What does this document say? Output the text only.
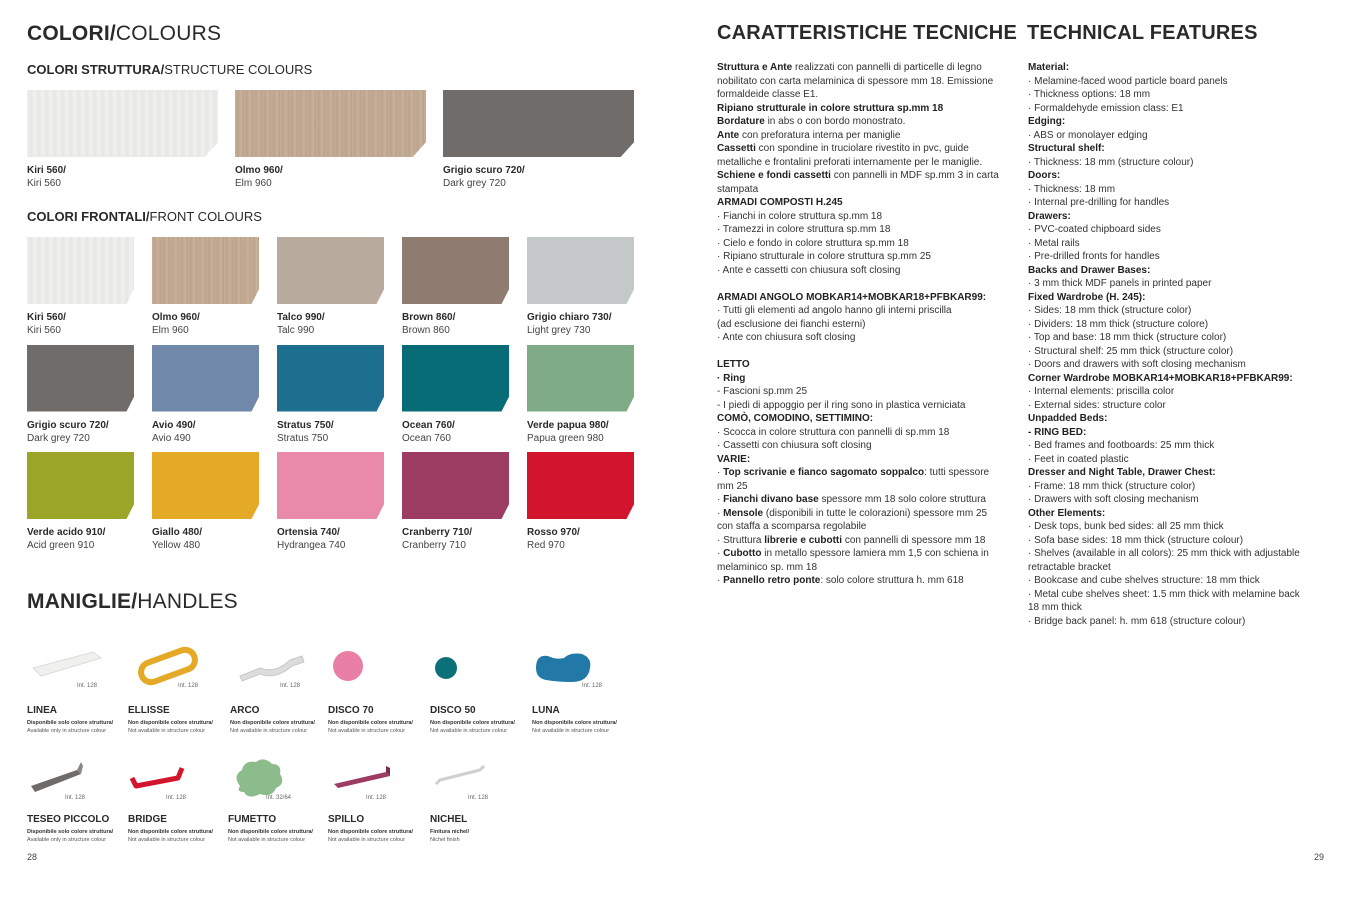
COLORI/COLOURS
COLORI STRUTTURA/STRUCTURE COLOURS
Kiri 560/
Kiri 560
Olmo 960/
Elm 960
Grigio scuro 720/
Dark grey 720
COLORI FRONTALI/FRONT COLOURS
Kiri 560/
Kiri 560
Olmo 960/
Elm 960
Talco 990/
Talc 990
Brown 860/
Brown 860
Grigio chiaro 730/
Light grey 730
Grigio scuro 720/
Dark grey 720
Avio 490/
Avio 490
Stratus 750/
Stratus 750
Ocean 760/
Ocean 760
Verde papua 980/
Papua green 980
Verde acido 910/
Acid green 910
Giallo 480/
Yellow 480
Ortensia 740/
Hydrangea 740
Cranberry 710/
Cranberry 710
Rosso 970/
Red 970
MANIGLIE/HANDLES
Int. 128
LINEA
Disponibile solo colore struttura/
Available only in structure colour
Int. 128
ELLISSE
Non disponibile colore struttura/
Not available in structure colour
Int. 128
ARCO
Non disponibile colore struttura/
Not available in structure colour
DISCO 70
Non disponibile colore struttura/
Not available in structure colour
DISCO 50
Non disponibile colore struttura/
Not available in structure colour
Int. 128
LUNA
Non disponibile colore struttura/
Not available in structure colour
Int. 128
TESEO PICCOLO
Disponibile solo colore struttura/
Available only in structure colour
Int. 128
BRIDGE
Non disponibile colore struttura/
Not available in structure colour
Int. 32/64
FUMETTO
Non disponibile colore struttura/
Not available in structure colour
Int. 128
SPILLO
Non disponibile colore struttura/
Not available in structure colour
Int. 128
NICHEL
Finitura nichel/
Nichel finish
28
CARATTERISTICHE TECNICHE TECHNICAL FEATURES
Struttura e Ante realizzati con pannelli di particelle di legno
nobilitato con carta melaminica di spessore mm 18. Emissione
formaldeide classe E1.
Ripiano strutturale in colore struttura sp.mm 18
Bordature in abs o con bordo monostrato.
Ante con preforatura interna per maniglie
Cassetti con spondine in truciolare rivestito in pvc, guide
metalliche e frontalini preforati internamente per le maniglie.
Schiene e fondi cassetti con pannelli in MDF sp.mm 3 in carta
stampata
ARMADI COMPOSTI H.245
· Fianchi in colore struttura sp.mm 18
· Tramezzi in colore struttura sp.mm 18
· Cielo e fondo in colore struttura sp.mm 18
· Ripiano strutturale in colore struttura sp.mm 25
· Ante e cassetti con chiusura soft closing
ARMADI ANGOLO MOBKAR14+MOBKAR18+PFBKAR99:
· Tutti gli elementi ad angolo hanno gli interni priscilla
(ad esclusione dei fianchi esterni)
· Ante con chiusura soft closing
LETTO
· Ring
- Fascioni sp.mm 25
- I piedi di appoggio per il ring sono in plastica verniciata
COMÒ, COMODINO, SETTIMINO:
· Scocca in colore struttura con pannelli di sp.mm 18
· Cassetti con chiusura soft closing
VARIE:
· Top scrivanie e fianco sagomato soppalco: tutti spessore
mm 25
· Fianchi divano base spessore mm 18 solo colore struttura
· Mensole (disponibili in tutte le colorazioni) spessore mm 25
con staffa a scomparsa regolabile
· Struttura librerie e cubotti con pannelli di spessore mm 18
· Cubotto in metallo spessore lamiera mm 1,5 con schiena in
melaminico sp. mm 18
· Pannello retro ponte: solo colore struttura h. mm 618
Material:
· Melamine-faced wood particle board panels
· Thickness options: 18 mm
· Formaldehyde emission class: E1
Edging:
· ABS or monolayer edging
Structural shelf:
· Thickness: 18 mm (structure colour)
Doors:
· Thickness: 18 mm
· Internal pre-drilling for handles
Drawers:
· PVC-coated chipboard sides
· Metal rails
· Pre-drilled fronts for handles
Backs and Drawer Bases:
· 3 mm thick MDF panels in printed paper
Fixed Wardrobe (H. 245):
· Sides: 18 mm thick (structure color)
· Dividers: 18 mm thick (structure colore)
· Top and base: 18 mm thick (structure color)
· Structural shelf: 25 mm thick (structure color)
· Doors and drawers with soft closing mechanism
Corner Wardrobe MOBKAR14+MOBKAR18+PFBKAR99:
· Internal elements: priscilla color
· External sides: structure color
Unpadded Beds:
- RING BED:
· Bed frames and footboards: 25 mm thick
· Feet in coated plastic
Dresser and Night Table, Drawer Chest:
· Frame: 18 mm thick (structure color)
· Drawers with soft closing mechanism
Other Elements:
· Desk tops, bunk bed sides: all 25 mm thick
· Sofa base sides: 18 mm thick (structure colour)
· Shelves (available in all colors): 25 mm thick with adjustable
retractable bracket
· Bookcase and cube shelves structure: 18 mm thick
· Metal cube shelves sheet: 1.5 mm thick with melamine back
18 mm thick
· Bridge back panel: h. mm 618 (structure colour)
29
